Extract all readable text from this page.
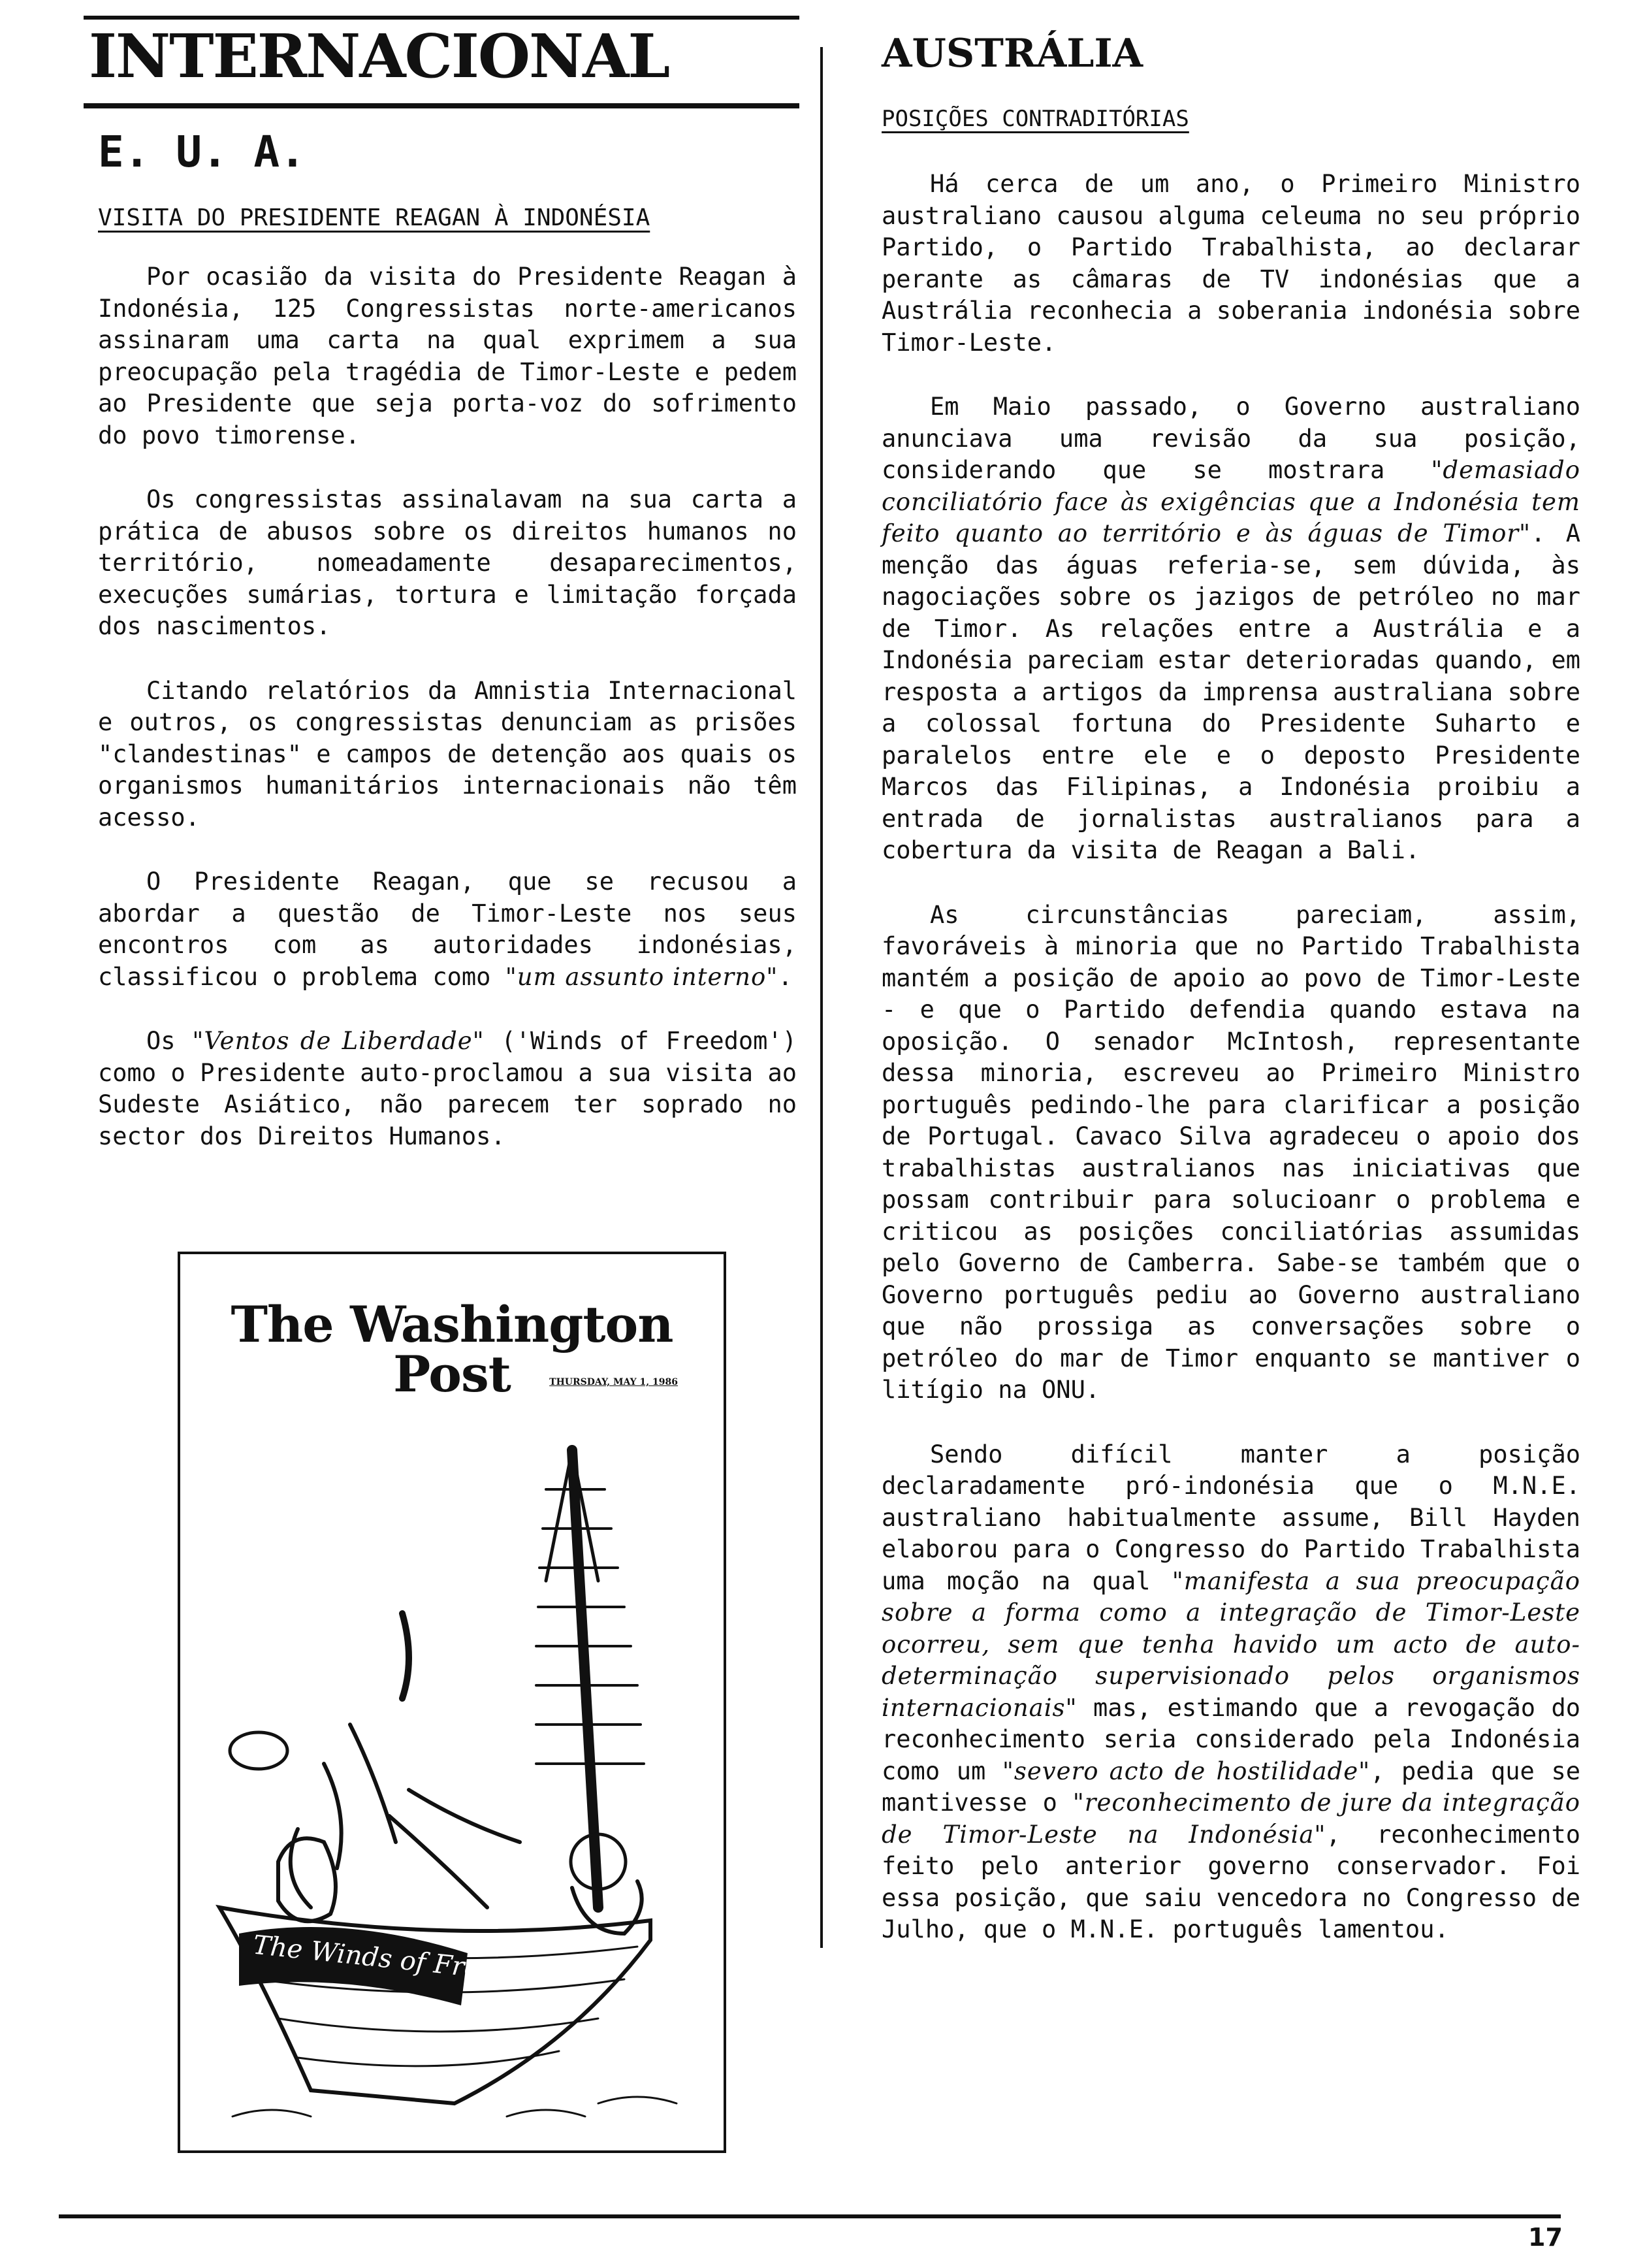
INTERNACIONAL
E. U. A.
VISITA DO PRESIDENTE REAGAN À INDONÉSIA

Por ocasião da visita do Presidente Reagan à Indonésia, 125 Congressistas norte-americanos assinaram uma carta na qual exprimem a sua preocupação pela tragédia de Timor-Leste e pedem ao Presidente que seja porta-voz do sofrimento do povo timorense.

Os congressistas assinalavam na sua carta a prática de abusos sobre os direitos humanos no território, nomeadamente desaparecimentos, execuções sumárias, tortura e limitação forçada dos nascimentos.

Citando relatórios da Amnistia Internacional e outros, os congressistas denunciam as prisões "clandestinas" e campos de detenção aos quais os organismos humanitários internacionais não têm acesso.

O Presidente Reagan, que se recusou a abordar a questão de Timor-Leste nos seus encontros com as autoridades indonésias, classificou o problema como "um assunto interno".

Os "Ventos de Liberdade" ('Winds of Freedom') como o Presidente auto-proclamou a sua visita ao Sudeste Asiático, não parecem ter soprado no sector dos Direitos Humanos.

The Washington Post	THURSDAY, MAY 1, 1986
The Winds of Freedom
AUSTRÁLIA
POSIÇÕES CONTRADITÓRIAS

Há cerca de um ano, o Primeiro Ministro australiano causou alguma celeuma no seu próprio Partido, o Partido Trabalhista, ao declarar perante as câmaras de TV indonésias que a Austrália reconhecia a soberania indonésia sobre Timor-Leste.

Em Maio passado, o Governo australiano anunciava uma revisão da sua posição, considerando que se mostrara "demasiado conciliatório face às exigências que a Indonésia tem feito quanto ao território e às águas de Timor". A menção das águas referia-se, sem dúvida, às nagociações sobre os jazigos de petróleo no mar de Timor. As relações entre a Austrália e a Indonésia pareciam estar deterioradas quando, em resposta a artigos da imprensa australiana sobre a colossal fortuna do Presidente Suharto e paralelos entre ele e o deposto Presidente Marcos das Filipinas, a Indonésia proibiu a entrada de jornalistas australianos para a cobertura da visita de Reagan a Bali.

As circunstâncias pareciam, assim, favoráveis à minoria que no Partido Trabalhista mantém a posição de apoio ao povo de Timor-Leste - e que o Partido defendia quando estava na oposição. O senador McIntosh, representante dessa minoria, escreveu ao Primeiro Ministro português pedindo-lhe para clarificar a posição de Portugal. Cavaco Silva agradeceu o apoio dos trabalhistas australianos nas iniciativas que possam contribuir para solucioanr o problema e criticou as posições conciliatórias assumidas pelo Governo de Camberra. Sabe-se também que o Governo português pediu ao Governo australiano que não prossiga as conversações sobre o petróleo do mar de Timor enquanto se mantiver o litígio na ONU.

Sendo difícil manter a posição declaradamente pró-indonésia que o M.N.E. australiano habitualmente assume, Bill Hayden elaborou para o Congresso do Partido Trabalhista uma moção na qual "manifesta a sua preocupação sobre a forma como a integração de Timor-Leste ocorreu, sem que tenha havido um acto de auto-determinação supervisionado pelos organismos internacionais" mas, estimando que a revogação do reconhecimento seria considerado pela Indonésia como um "severo acto de hostilidade", pedia que se mantivesse o "reconhecimento de jure da integração de Timor-Leste na Indonésia", reconhecimento feito pelo anterior governo conservador. Foi essa posição, que saiu vencedora no Congresso de Julho, que o M.N.E. português lamentou.

17
